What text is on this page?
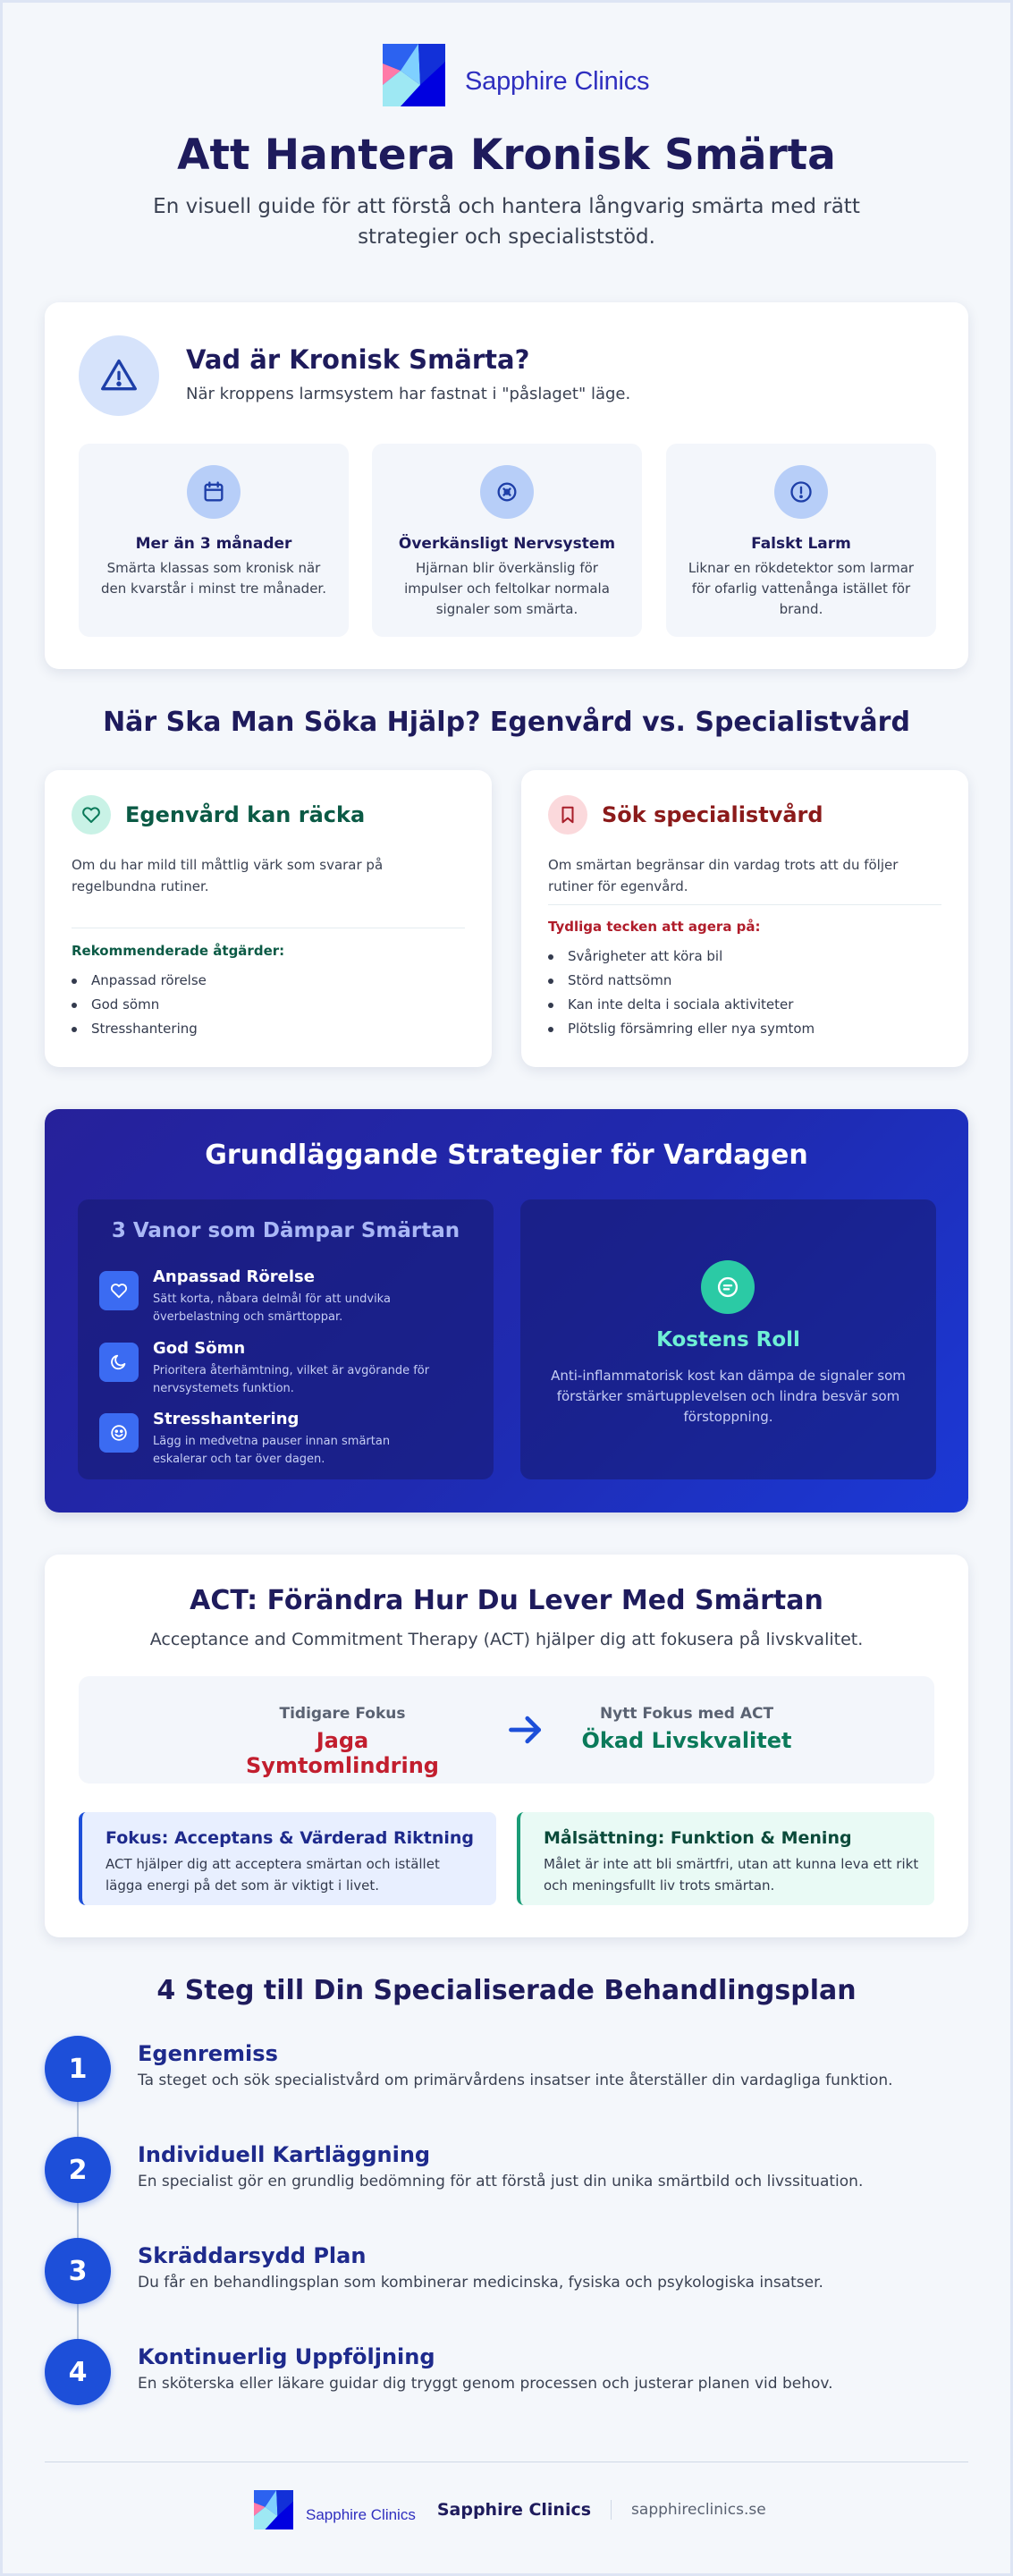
Sapphire Clinics
Att Hantera Kronisk Smärta
En visuell guide för att förstå och hantera långvarig smärta med rätt strategier och specialiststöd.
Vad är Kronisk Smärta?
När kroppens larmsystem har fastnat i "påslaget" läge.
Mer än 3 månader
Smärta klassas som kronisk när den kvarstår i minst tre månader.
Överkänsligt Nervsystem
Hjärnan blir överkänslig för impulser och feltolkar normala signaler som smärta.
Falskt Larm
Liknar en rökdetektor som larmar för ofarlig vattenånga istället för brand.
När Ska Man Söka Hjälp? Egenvård vs. Specialistvård
Egenvård kan räcka
Om du har mild till måttlig värk som svarar på regelbundna rutiner.
Rekommenderade åtgärder:
Anpassad rörelse
God sömn
Stresshantering
Sök specialistvård
Om smärtan begränsar din vardag trots att du följer rutiner för egenvård.
Tydliga tecken att agera på:
Svårigheter att köra bil
Störd nattsömn
Kan inte delta i sociala aktiviteter
Plötslig försämring eller nya symtom
Grundläggande Strategier för Vardagen
3 Vanor som Dämpar Smärtan
Anpassad Rörelse
Sätt korta, nåbara delmål för att undvika överbelastning och smärttoppar.
God Sömn
Prioritera återhämtning, vilket är avgörande för nervsystemets funktion.
Stresshantering
Lägg in medvetna pauser innan smärtan eskalerar och tar över dagen.
Kostens Roll
Anti-inflammatorisk kost kan dämpa de signaler som förstärker smärtupplevelsen och lindra besvär som förstoppning.
ACT: Förändra Hur Du Lever Med Smärtan
Acceptance and Commitment Therapy (ACT) hjälper dig att fokusera på livskvalitet.
Tidigare Fokus
Jaga Symtomlindring
Nytt Fokus med ACT
Ökad Livskvalitet
Fokus: Acceptans & Värderad Riktning
ACT hjälper dig att acceptera smärtan och istället lägga energi på det som är viktigt i livet.
Målsättning: Funktion & Mening
Målet är inte att bli smärtfri, utan att kunna leva ett rikt och meningsfullt liv trots smärtan.
4 Steg till Din Specialiserade Behandlingsplan
1	Egenremiss
Ta steget och sök specialistvård om primärvårdens insatser inte återställer din vardagliga funktion.
2	Individuell Kartläggning
En specialist gör en grundlig bedömning för att förstå just din unika smärtbild och livssituation.
3	Skräddarsydd Plan
Du får en behandlingsplan som kombinerar medicinska, fysiska och psykologiska insatser.
4	Kontinuerlig Uppföljning
En sköterska eller läkare guidar dig tryggt genom processen och justerar planen vid behov.
Sapphire Clinics Sapphire Clinics	sapphireclinics.se
